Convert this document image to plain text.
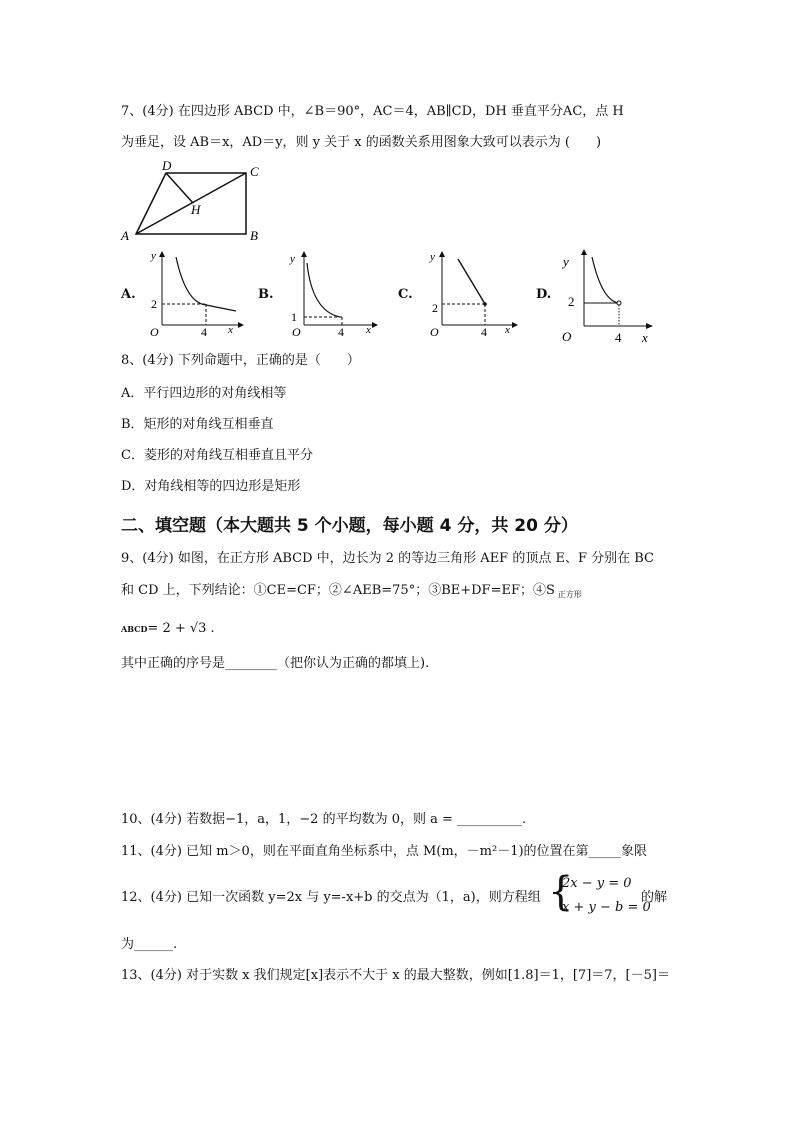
7、(4分) 在四边形 ABCD 中，∠B＝90°，AC＝4，AB∥CD，DH 垂直平分AC，点 H
为垂足，设 AB＝x，AD＝y，则 y 关于 x 的函数关系用图象大致可以表示为 (　　)
A	B
C
D
H
A.
y
2
O	4 x
B.
y
1
O	4 x
C.
y
2
O	4 x
D.
y
2
O	4 x
8、(4分) 下列命题中，正确的是（　　）
A．平行四边形的对角线相等
B．矩形的对角线互相垂直
C．菱形的对角线互相垂直且平分
D．对角线相等的四边形是矩形
二、填空题（本大题共 5 个小题，每小题 4 分，共 20 分）
9、(4分) 如图，在正方形 ABCD 中，边长为 2 的等边三角形 AEF 的顶点 E、F 分别在 BC
和 CD 上，下列结论：①CE=CF；②∠AEB=75°；③BE+DF=EF；④S $_{正方形}$
ABCD= 2 + √3 .
其中正确的序号是________（把你认为正确的都填上).
10、(4分) 若数据−1，a，1，−2 的平均数为 0，则 a = __________.
11、(4分) 已知 m＞0，则在平面直角坐标系中，点 M(m，－m²－1)的位置在第_____象限
12、(4分) 已知一次函数 y=2x 与 y=-x+b 的交点为（1，a)，则方程组 {
2x − y = 0
x + y − b = 0
的解
为______.
13、(4分) 对于实数 x 我们规定[x]表示不大于 x 的最大整数，例如[1.8]＝1，[7]＝7，[－5]＝
